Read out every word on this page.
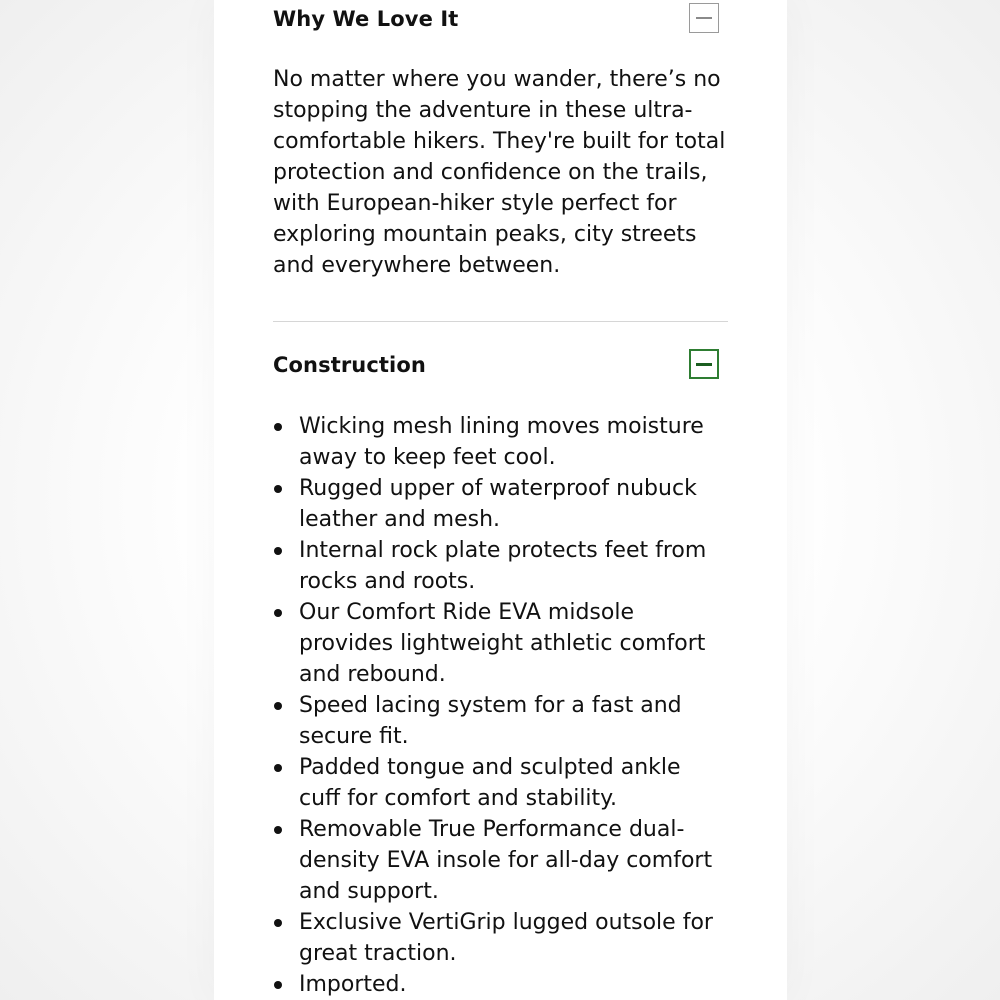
Why We Love It

No matter where you wander, there’s no stopping the adventure in these ultra-comfortable hikers. They're built for total protection and confidence on the trails, with European-hiker style perfect for exploring mountain peaks, city streets and everywhere between.

Construction
Wicking mesh lining moves moisture away to keep feet cool.
Rugged upper of waterproof nubuck leather and mesh.
Internal rock plate protects feet from rocks and roots.
Our Comfort Ride EVA midsole provides lightweight athletic comfort and rebound.
Speed lacing system for a fast and secure fit.
Padded tongue and sculpted ankle cuff for comfort and stability.
Removable True Performance dual-density EVA insole for all-day comfort and support.
Exclusive VertiGrip lugged outsole for great traction.
Imported.
